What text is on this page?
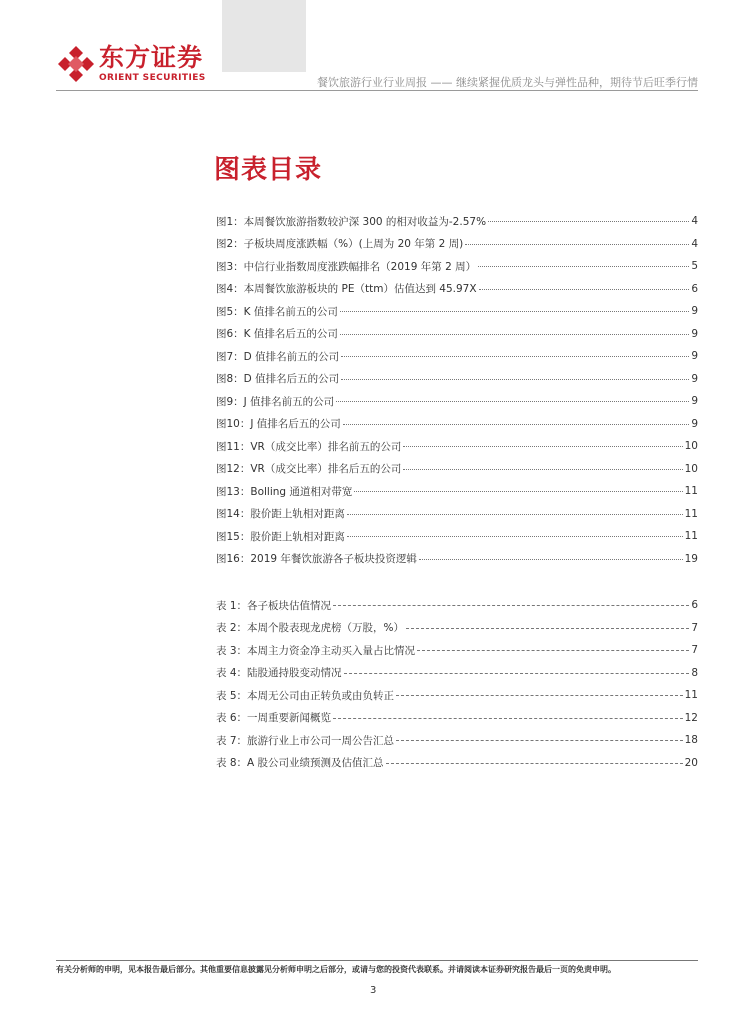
东方证券
ORIENT SECURITIES	餐饮旅游行业行业周报 —— 继续紧握优质龙头与弹性品种，期待节后旺季行情
图表目录
图1：本周餐饮旅游指数较沪深 300 的相对收益为-2.57%	4
图2：子板块周度涨跌幅（%）(上周为 20 年第 2 周)	4
图3：中信行业指数周度涨跌幅排名（2019 年第 2 周）	5
图4：本周餐饮旅游板块的 PE（ttm）估值达到 45.97X	6
图5：K 值排名前五的公司	9
图6：K 值排名后五的公司	9
图7：D 值排名前五的公司	9
图8：D 值排名后五的公司	9
图9：J 值排名前五的公司	9
图10：J 值排名后五的公司	9
图11：VR（成交比率）排名前五的公司	10
图12：VR（成交比率）排名后五的公司	10
图13：Bolling 通道相对带宽	11
图14：股价距上轨相对距离	11
图15：股价距上轨相对距离	11
图16：2019 年餐饮旅游各子板块投资逻辑	19
表 1：各子板块估值情况	6
表 2：本周个股表现龙虎榜（万股，%）	7
表 3：本周主力资金净主动买入量占比情况	7
表 4：陆股通持股变动情况	8
表 5：本周无公司由正转负或由负转正	11
表 6：一周重要新闻概览	12
表 7：旅游行业上市公司一周公告汇总	18
表 8：A 股公司业绩预测及估值汇总	20
有关分析师的申明，见本报告最后部分。其他重要信息披露见分析师申明之后部分，或请与您的投资代表联系。并请阅读本证券研究报告最后一页的免责申明。
3
